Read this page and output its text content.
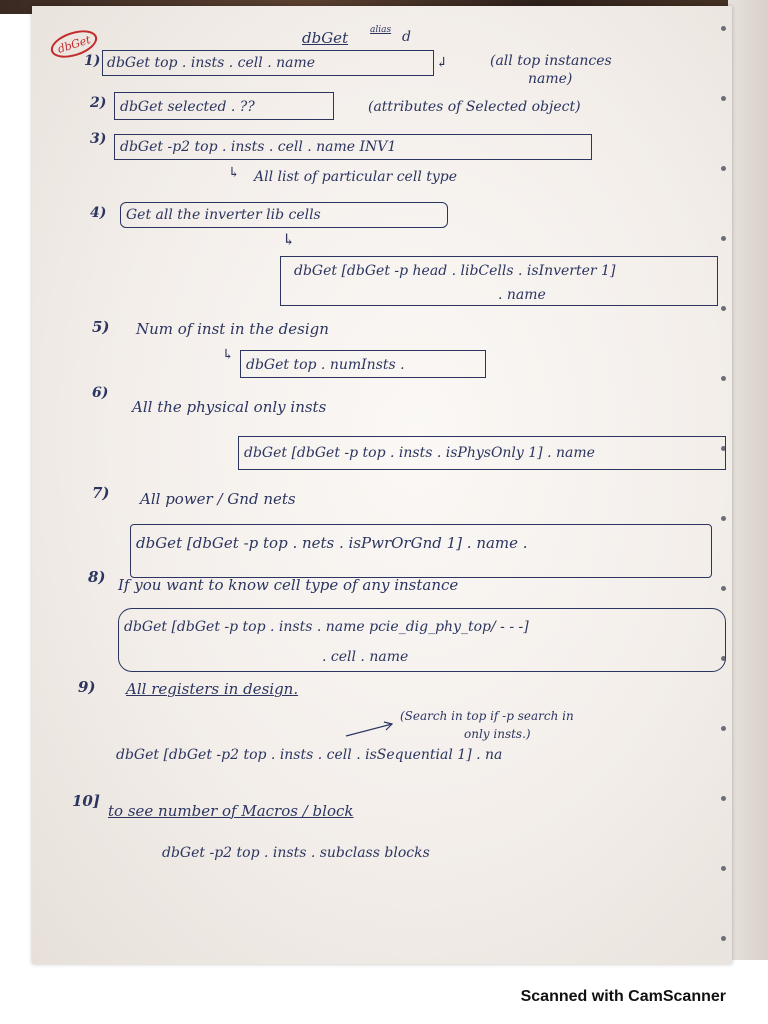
dbGet	dbGet alias d
1) dbGet top . insts . cell . name	↲	(all top instances
name)
2) dbGet selected . ??	(attributes of Selected object)
3) dbGet -p2 top . insts . cell . name INV1
↳ All list of particular cell type
4) Get all the inverter lib cells
↳
dbGet [dbGet -p head . libCells . isInverter 1]
. name
5) Num of inst in the design
↳
dbGet top . numInsts .
6)
All the physical only insts
dbGet [dbGet -p top . insts . isPhysOnly 1] . name
7) All power / Gnd nets
dbGet [dbGet -p top . nets . isPwrOrGnd 1] . name .
8) If you want to know cell type of any instance
dbGet [dbGet -p top . insts . name pcie_dig_phy_top/ - - -]
. cell . name
9) All registers in design.
(Search in top if -p search in
only insts.)
dbGet [dbGet -p2 top . insts . cell . isSequential 1] . na
10]
to see number of Macros / block
dbGet -p2 top . insts . subclass blocks
Scanned with CamScanner
